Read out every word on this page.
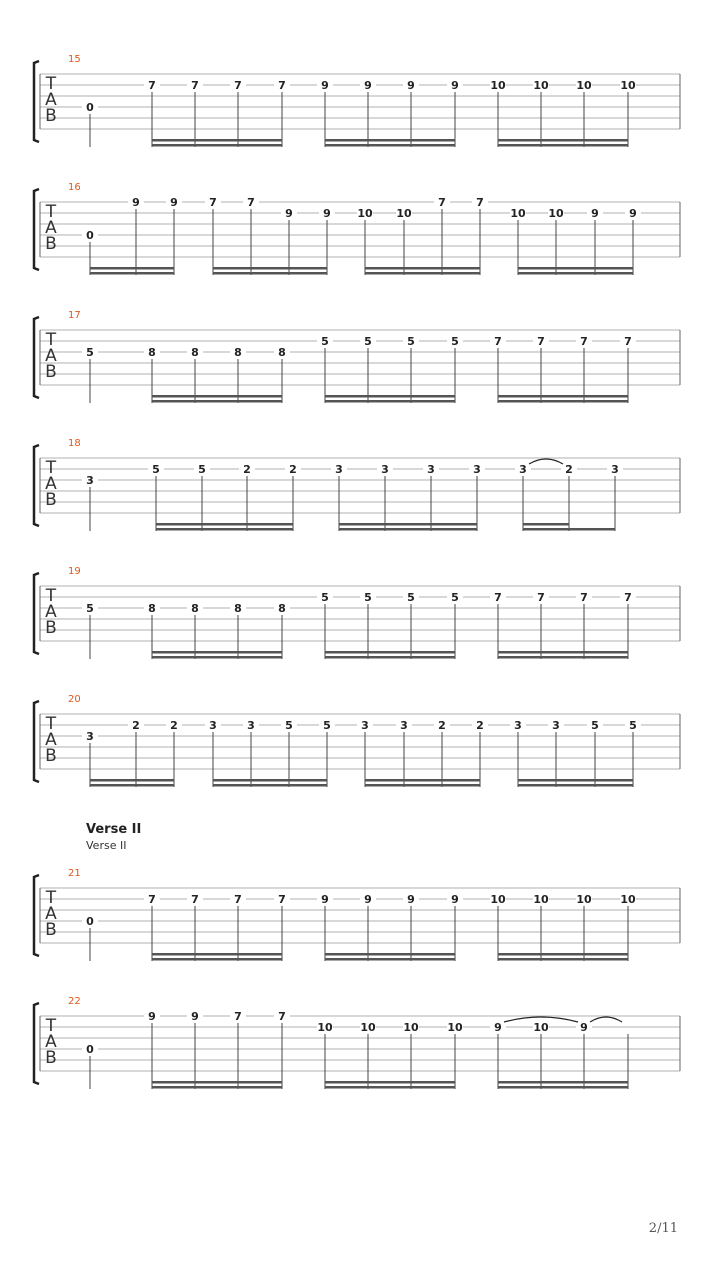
15
T
A
B	0
7	7	7	7	9	9	9	9	10	10	10	10
16
T
A
B	0
9	9	7	7
9	9 10 10
7	7
10 10	9	9
17
T
A
B
5	8	8	8	8
5	5	5	5	7	7	7	7
18
T
A
B
3
5	5	2	2	3	3	3	3	3	2	3
19
T
A
B
5	8	8	8	8
5	5	5	5	7	7	7	7
20
T
A
B
3
2	2	3	3	5	5	3	3	2	2	3	3	5	5
21
T
A
B	0
7	7	7	7	9	9	9	9	10	10	10	10
22
T
A
B	0
9	9	7	7
10	10	10	10	9	10	9
Verse II
Verse II
2/11
